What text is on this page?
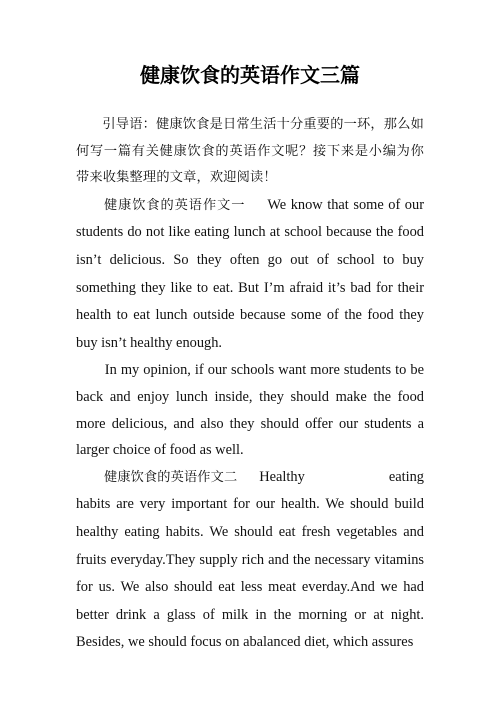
健康饮食的英语作文三篇

引导语：健康饮食是日常生活十分重要的一环，那么如何写一篇有关健康饮食的英语作文呢？接下来是小编为你带来收集整理的文章，欢迎阅读！

健康饮食的英语作文一 We know that some of our students do not like eating lunch at school because the food isn’t delicious. So they often go out of school to buy something they like to eat. But I’m afraid it’s bad for their health to eat lunch outside because some of the food they buy isn’t healthy enough.

In my opinion, if our schools want more students to be back and enjoy lunch inside, they should make the food more delicious, and also they should offer our students a larger choice of food as well.

健康饮食的英语作文二 Healthy	eating habits are very important for our health. We should build healthy eating habits. We should eat fresh vegetables and fruits everyday.They supply rich and the necessary vitamins for us. We also should eat less meat everday.And we had better drink a glass of milk in the morning or at night. Besides, we should focus on abalanced diet, which assures
